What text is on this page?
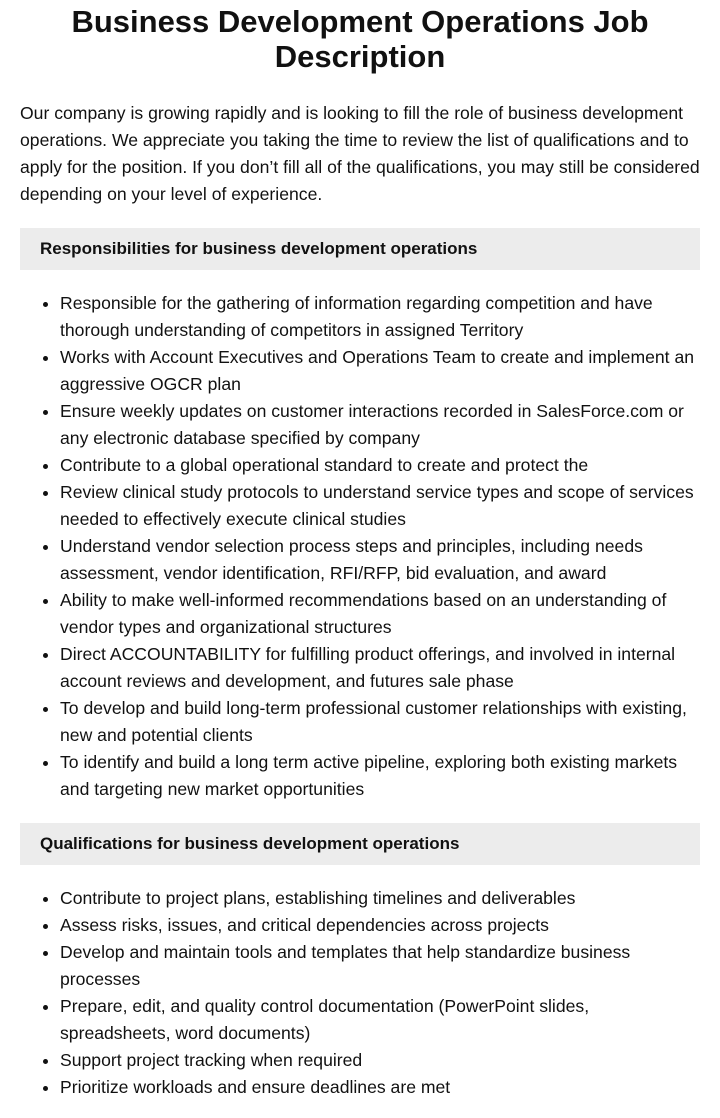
Business Development Operations Job Description

Our company is growing rapidly and is looking to fill the role of business development operations. We appreciate you taking the time to review the list of qualifications and to apply for the position. If you don’t fill all of the qualifications, you may still be considered depending on your level of experience.

Responsibilities for business development operations
• Responsible for the gathering of information regarding competition and have thorough understanding of competitors in assigned Territory
• Works with Account Executives and Operations Team to create and implement an aggressive OGCR plan
• Ensure weekly updates on customer interactions recorded in SalesForce.com or any electronic database specified by company
• Contribute to a global operational standard to create and protect the
• Review clinical study protocols to understand service types and scope of services needed to effectively execute clinical studies
• Understand vendor selection process steps and principles, including needs assessment, vendor identification, RFI/RFP, bid evaluation, and award
• Ability to make well-informed recommendations based on an understanding of vendor types and organizational structures
• Direct ACCOUNTABILITY for fulfilling product offerings, and involved in internal account reviews and development, and futures sale phase
• To develop and build long-term professional customer relationships with existing, new and potential clients
• To identify and build a long term active pipeline, exploring both existing markets and targeting new market opportunities
Qualifications for business development operations
• Contribute to project plans, establishing timelines and deliverables
• Assess risks, issues, and critical dependencies across projects
• Develop and maintain tools and templates that help standardize business processes
• Prepare, edit, and quality control documentation (PowerPoint slides, spreadsheets, word documents)
• Support project tracking when required
• Prioritize workloads and ensure deadlines are met
